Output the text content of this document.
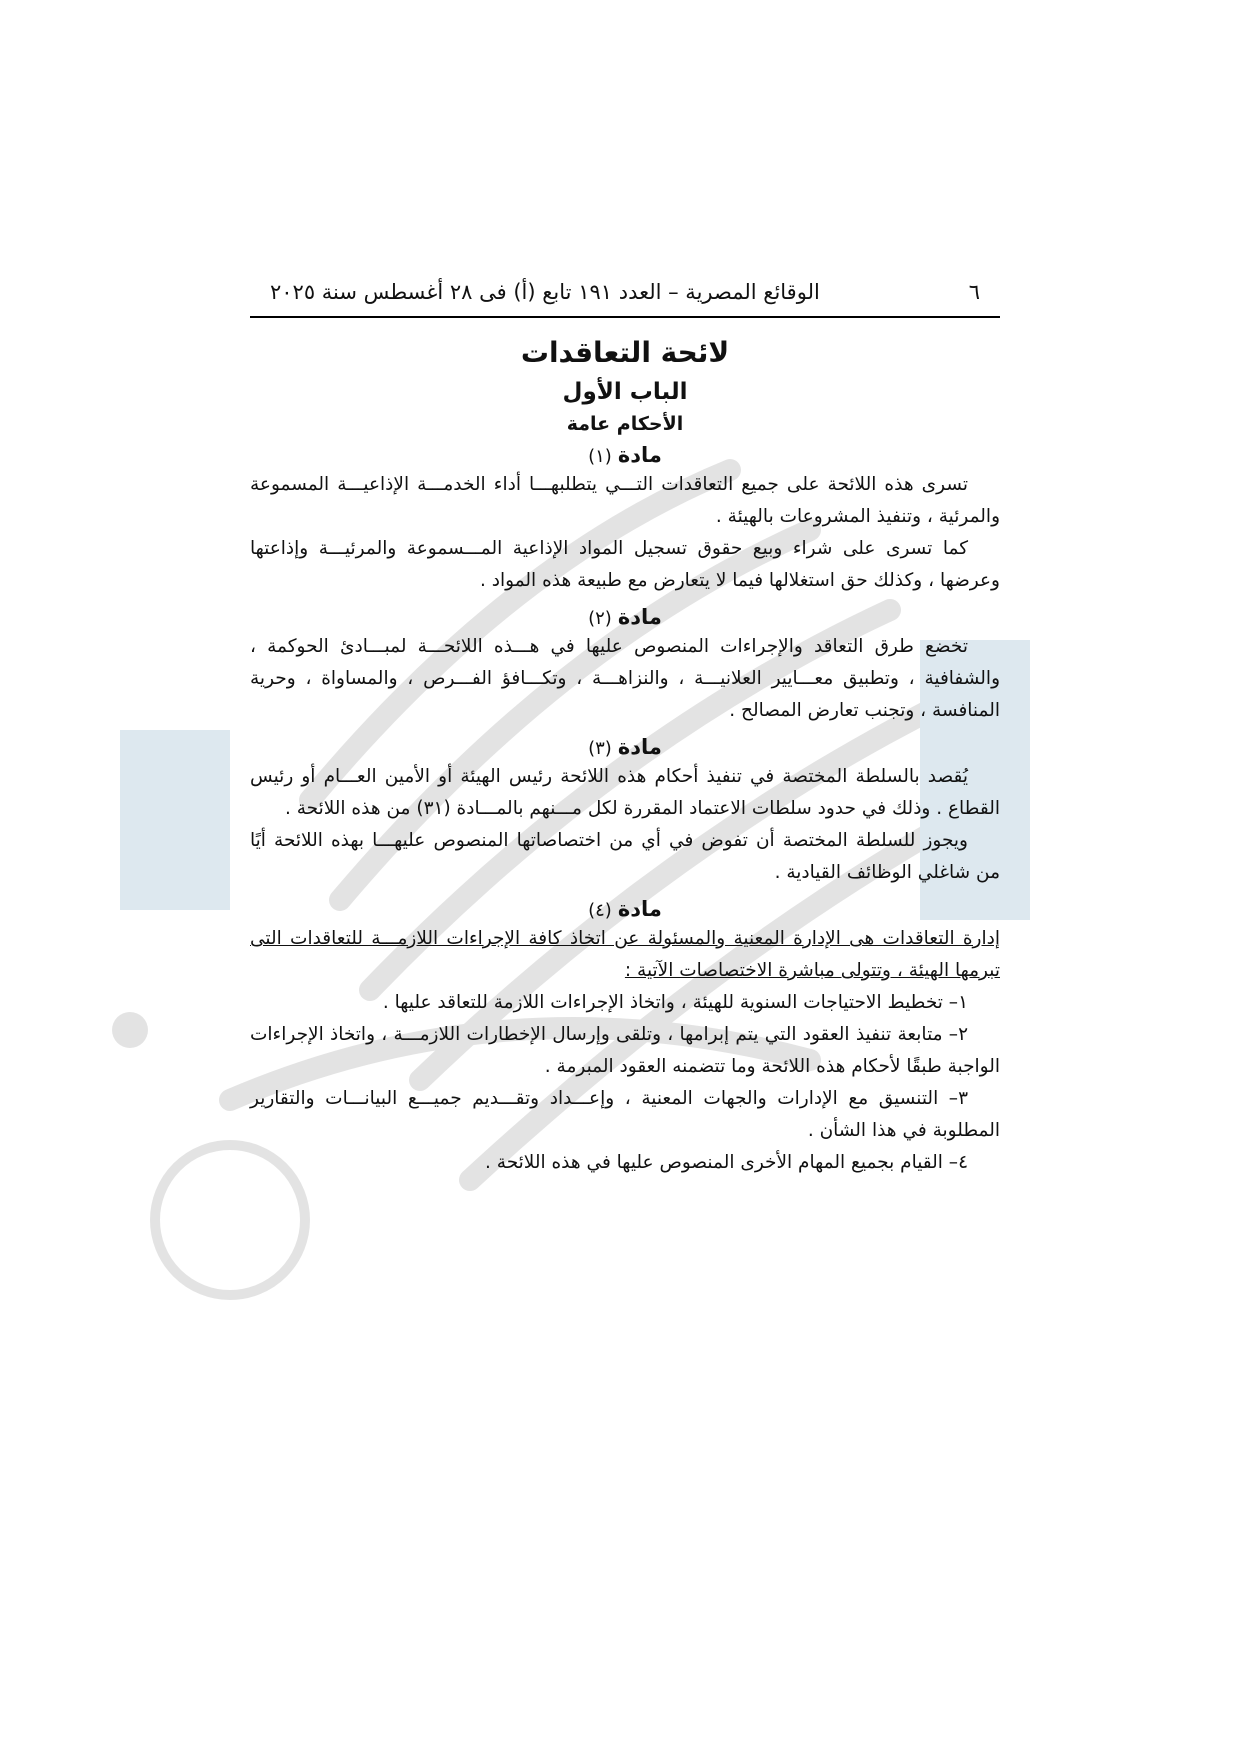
٦
الوقائع المصرية – العدد ١٩١ تابع (أ) فى ٢٨ أغسطس سنة ٢٠٢٥
لائحة التعاقدات
الباب الأول
الأحكام عامة
مادة(١)

تسرى هذه اللائحة على جميع التعاقدات التـــي يتطلبهـــا أداء الخدمـــة الإذاعيـــة المسموعة والمرئية ، وتنفيذ المشروعات بالهيئة .

كما تسرى على شراء وبيع حقوق تسجيل المواد الإذاعية المـــسموعة والمرئيـــة وإذاعتها وعرضها ، وكذلك حق استغلالها فيما لا يتعارض مع طبيعة هذه المواد .

مادة(٢)

تخضع طرق التعاقد والإجراءات المنصوص عليها في هـــذه اللائحـــة لمبـــادئ الحوكمة ، والشفافية ، وتطبيق معـــايير العلانيـــة ، والنزاهـــة ، وتكـــافؤ الفـــرص ، والمساواة ، وحرية المنافسة ، وتجنب تعارض المصالح .

مادة(٣)

يُقصد بالسلطة المختصة في تنفيذ أحكام هذه اللائحة رئيس الهيئة أو الأمين العـــام أو رئيس القطاع . وذلك في حدود سلطات الاعتماد المقررة لكل مـــنهم بالمـــادة (٣١) من هذه اللائحة .

ويجوز للسلطة المختصة أن تفوض في أي من اختصاصاتها المنصوص عليهـــا بهذه اللائحة أيًا من شاغلي الوظائف القيادية .

مادة(٤)

إدارة التعاقدات هى الإدارة المعنية والمسئولة عن اتخاذ كافة الإجراءات اللازمـــة للتعاقدات التى تبرمها الهيئة ، وتتولى مباشرة الاختصاصات الآتية :

١– تخطيط الاحتياجات السنوية للهيئة ، واتخاذ الإجراءات اللازمة للتعاقد عليها .

٢– متابعة تنفيذ العقود التي يتم إبرامها ، وتلقى وإرسال الإخطارات اللازمـــة ، واتخاذ الإجراءات الواجبة طبقًا لأحكام هذه اللائحة وما تتضمنه العقود المبرمة .

٣– التنسيق مع الإدارات والجهات المعنية ، وإعـــداد وتقـــديم جميـــع البيانـــات والتقارير المطلوبة في هذا الشأن .

٤– القيام بجميع المهام الأخرى المنصوص عليها في هذه اللائحة .
